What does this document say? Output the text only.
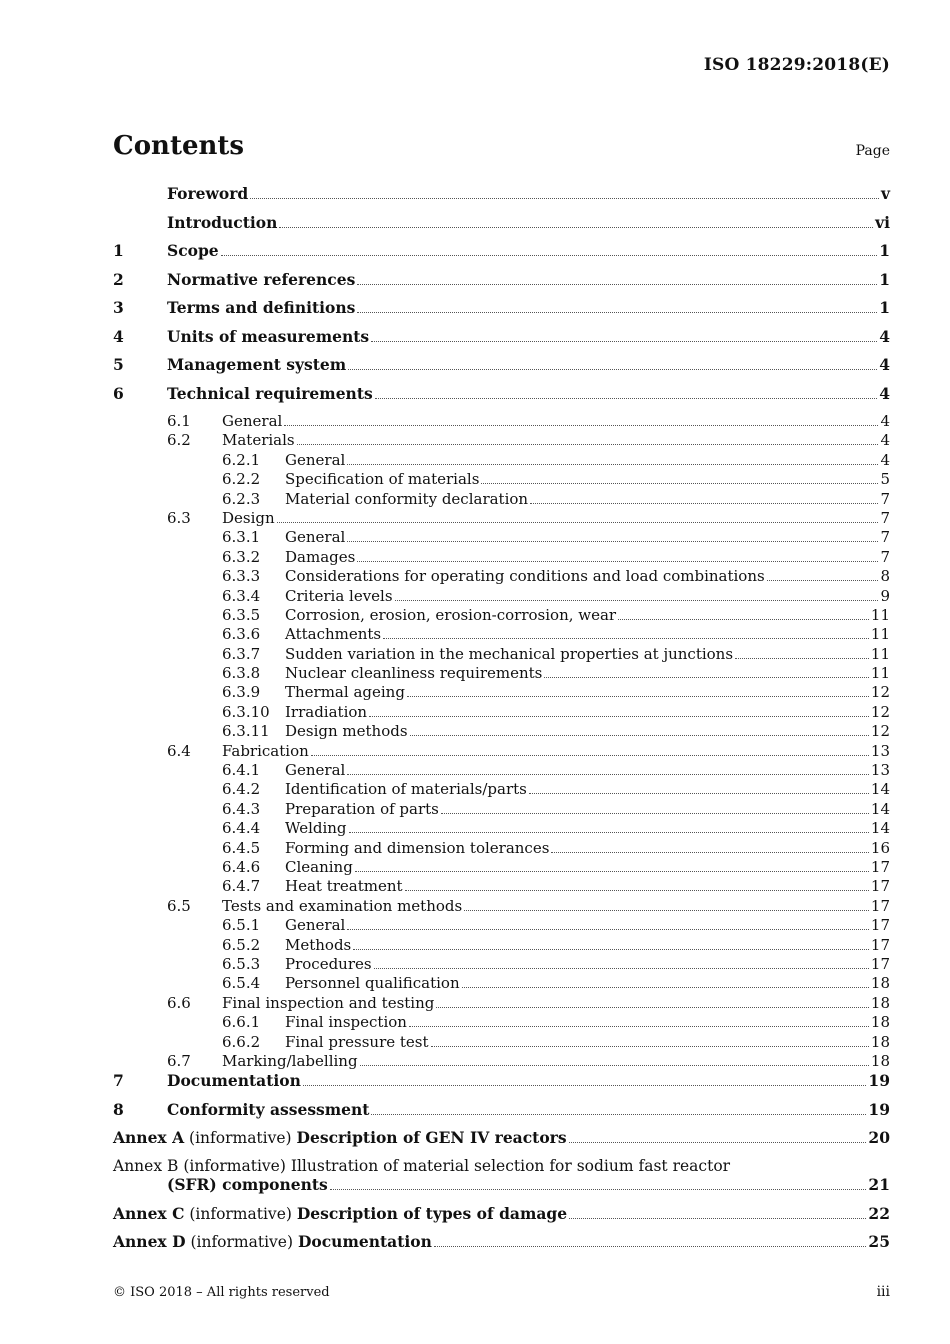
ISO 18229:2018(E)
Contents	Page
Foreword	v
Introduction	vi
1	Scope	1
2	Normative references	1
3	Terms and definitions	1
4	Units of measurements	4
5	Management system	4
6	Technical requirements	4
6.1 General	4
6.2 Materials	4
6.2.1 General	4
6.2.2 Specification of materials	5
6.2.3 Material conformity declaration	7
6.3 Design	7
6.3.1 General	7
6.3.2 Damages	7
6.3.3 Considerations for operating conditions and load combinations	8
6.3.4 Criteria levels	9
6.3.5 Corrosion, erosion, erosion-corrosion, wear	11
6.3.6 Attachments	11
6.3.7 Sudden variation in the mechanical properties at junctions	11
6.3.8 Nuclear cleanliness requirements	11
6.3.9 Thermal ageing	12
6.3.10 Irradiation	12
6.3.11 Design methods	12
6.4 Fabrication	13
6.4.1 General	13
6.4.2 Identification of materials/parts	14
6.4.3 Preparation of parts	14
6.4.4 Welding	14
6.4.5 Forming and dimension tolerances	16
6.4.6 Cleaning	17
6.4.7 Heat treatment	17
6.5 Tests and examination methods	17
6.5.1 General	17
6.5.2 Methods	17
6.5.3 Procedures	17
6.5.4 Personnel qualification	18
6.6 Final inspection and testing	18
6.6.1 Final inspection	18
6.6.2 Final pressure test	18
6.7 Marking/labelling	18
7	Documentation	19
8	Conformity assessment	19
Annex A (informative) Description of GEN IV reactors	20
Annex B (informative) Illustration of material selection for sodium fast reactor
(SFR) components	21
Annex C (informative) Description of types of damage	22
Annex D (informative) Documentation	25
© ISO 2018 – All rights reserved	iii
